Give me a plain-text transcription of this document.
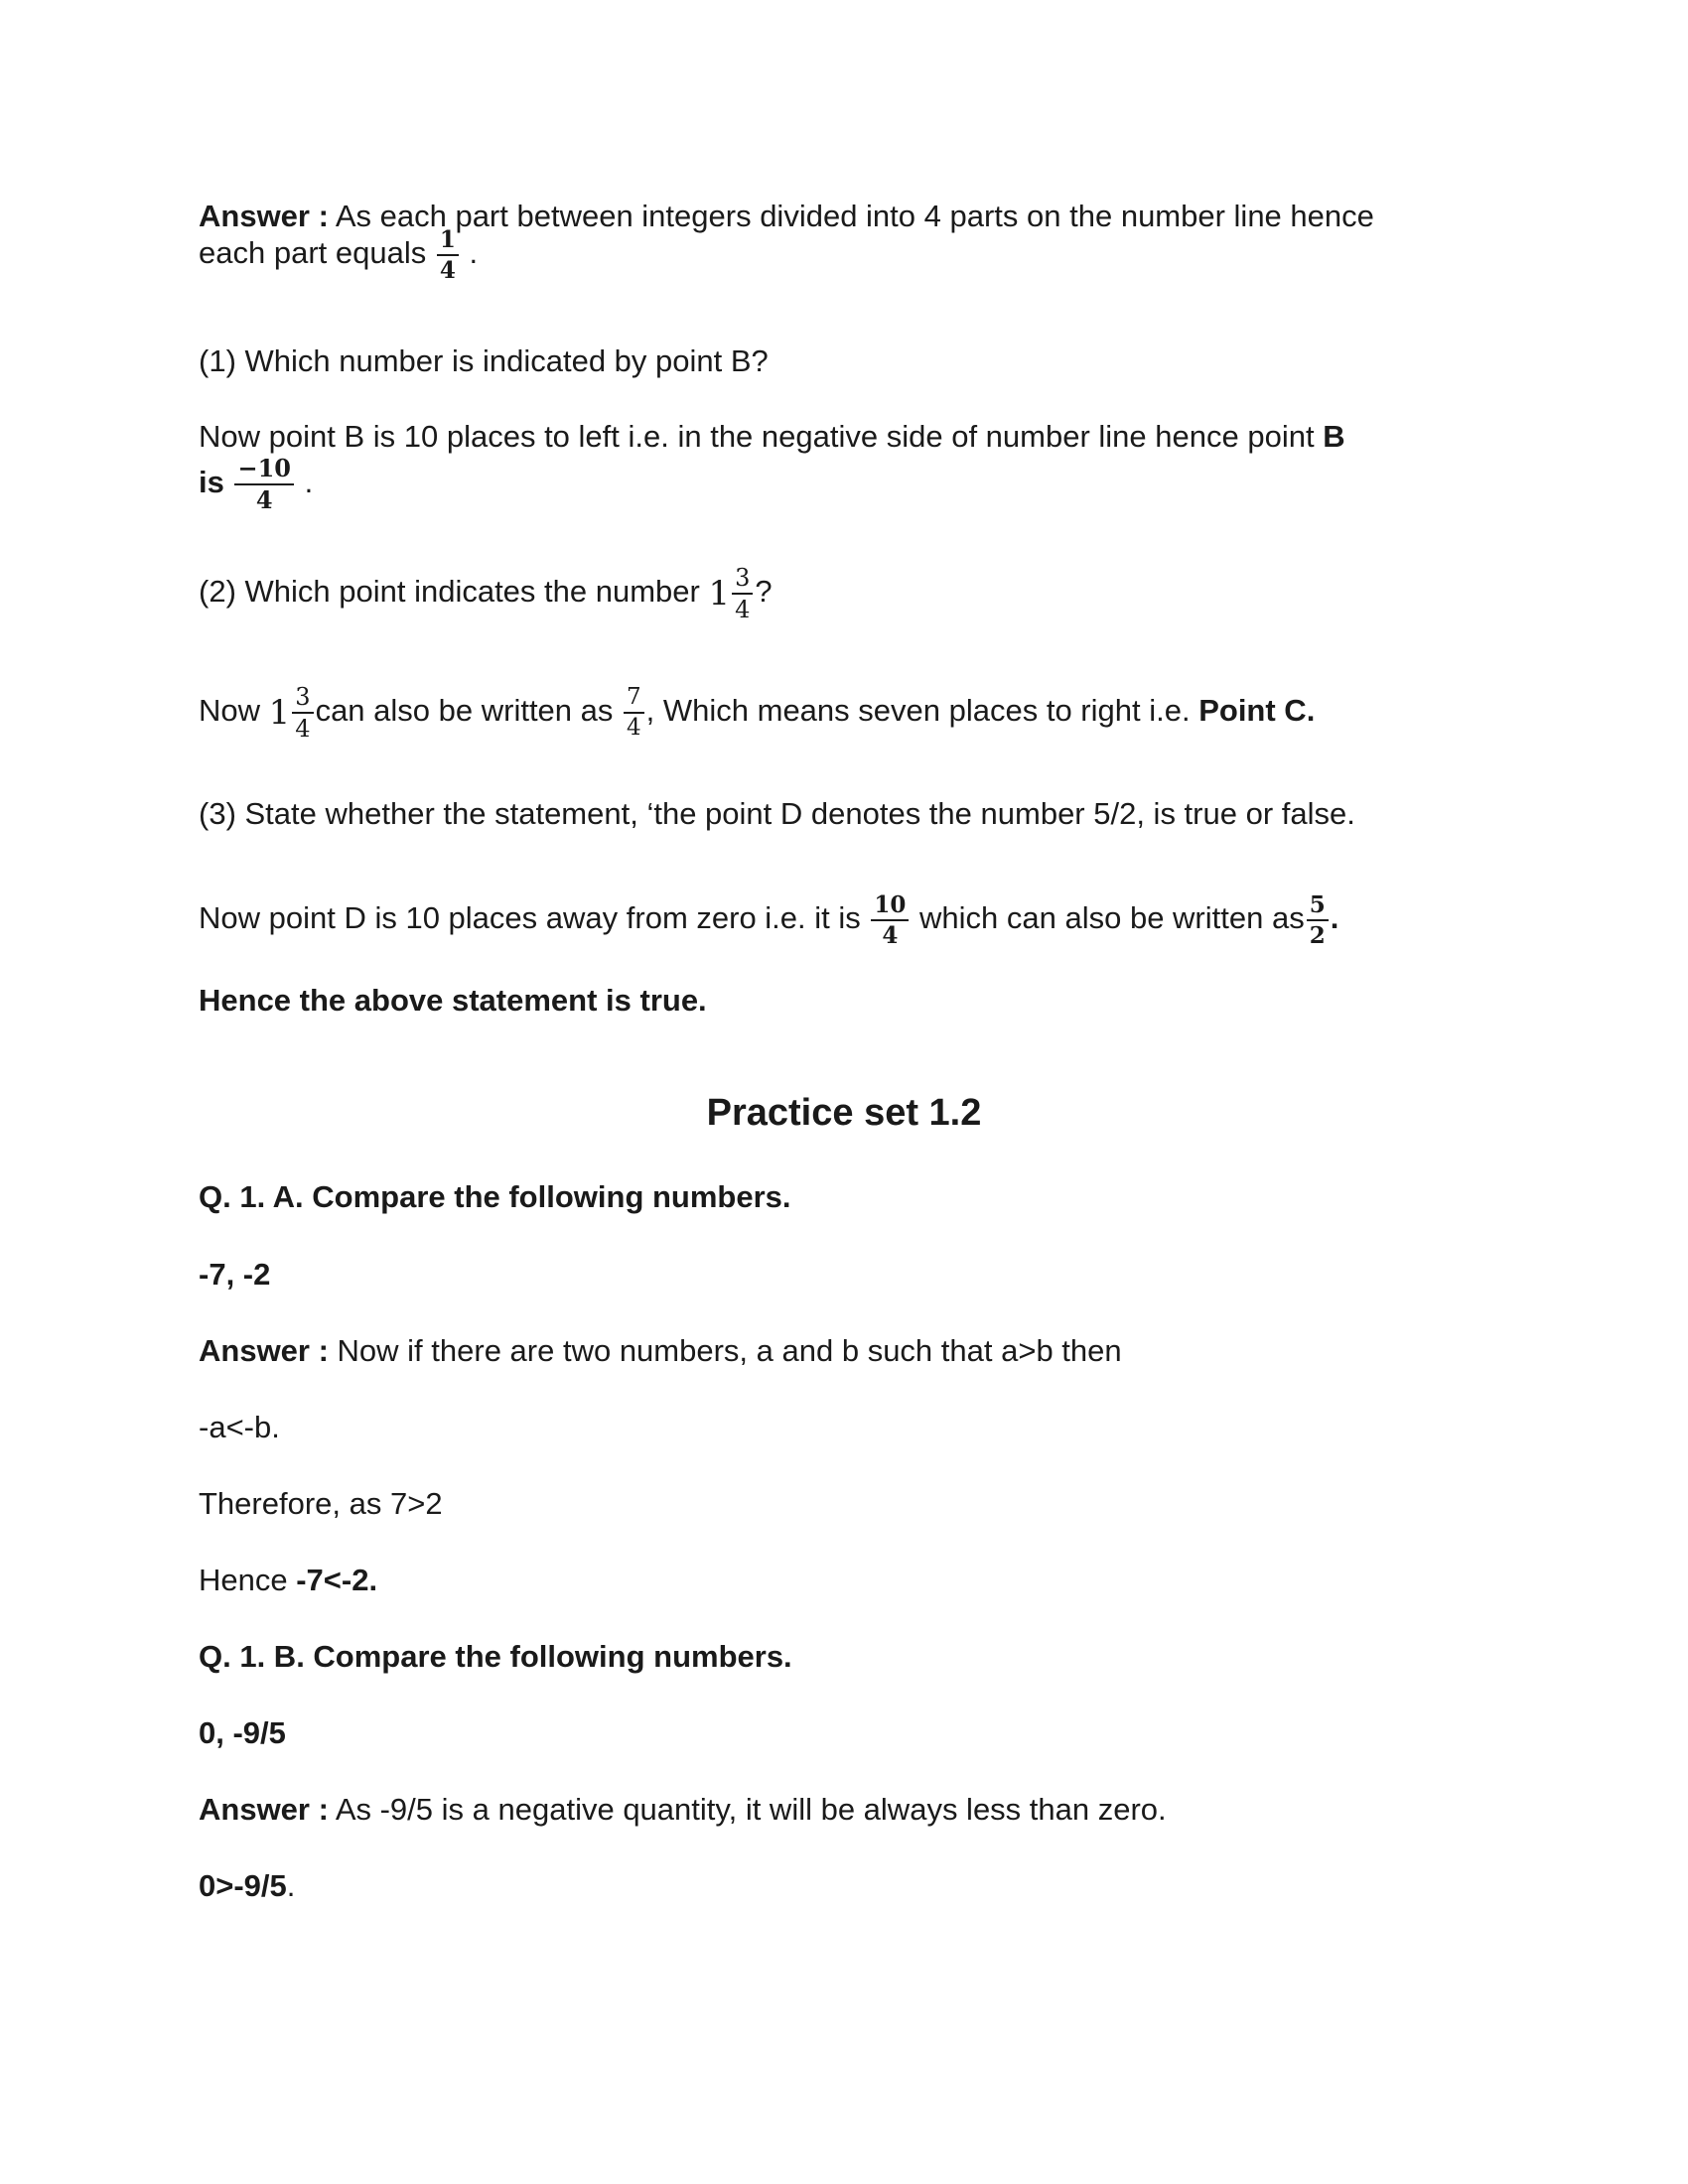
Answer : As each part between integers divided into 4 parts on the number line hence
each part equals $\frac{1}{4}$ .
(1) Which number is indicated by point B?
Now point B is 10 places to left i.e. in the negative side of number line hence point B
is $\frac{-10}{4}$ .
(2) Which point indicates the number $1 \frac{3}{4}$ ?
Now $1 \frac{3}{4}$ can also be written as $\frac{7}{4}$ , Which means seven places to right i.e. Point C.
(3) State whether the statement, ‘the point D denotes the number 5/2, is true or false.
Now point D is 10 places away from zero i.e. it is $\frac{10}{4}$ which can also be written as $\frac{5}{2}$ .
Hence the above statement is true.
Practice set 1.2
Q. 1. A. Compare the following numbers.
-7, -2
Answer : Now if there are two numbers, a and b such that a>b then
-a<-b.
Therefore, as 7>2
Hence -7<-2.
Q. 1. B. Compare the following numbers.
0, -9/5
Answer : As -9/5 is a negative quantity, it will be always less than zero.
0>-9/5.
